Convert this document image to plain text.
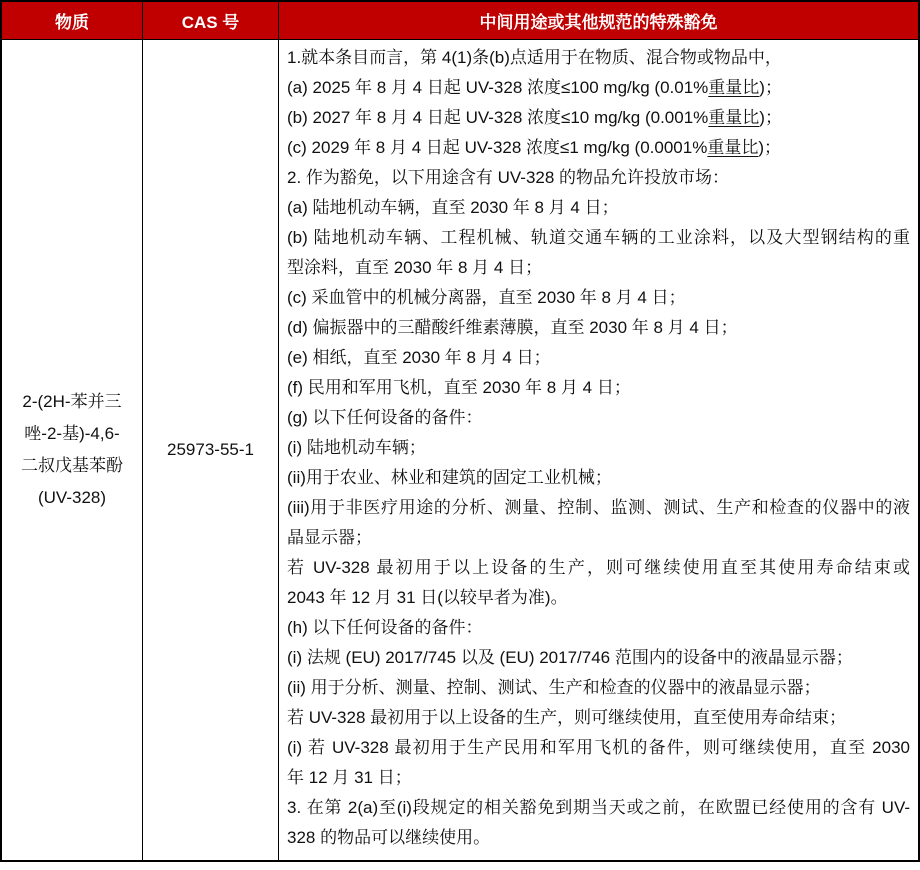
物质	CAS 号	中间用途或其他规范的特殊豁免
2-(2H-苯并三
唑-2-基)-4,6-
二叔戊基苯酚
(UV-328)
25973-55-1
1.就本条目而言，第 4(1)条(b)点适用于在物质、混合物或物品中，
(a) 2025 年 8 月 4 日起 UV-328 浓度≤100 mg/kg (0.01%重量比)；
(b) 2027 年 8 月 4 日起 UV-328 浓度≤10 mg/kg (0.001%重量比)；
(c) 2029 年 8 月 4 日起 UV-328 浓度≤1 mg/kg (0.0001%重量比)；
2. 作为豁免，以下用途含有 UV-328 的物品允许投放市场：
(a) 陆地机动车辆，直至 2030 年 8 月 4 日；
(b) 陆地机动车辆、工程机械、轨道交通车辆的工业涂料，以及大型钢结构的重
型涂料，直至 2030 年 8 月 4 日；
(c) 采血管中的机械分离器，直至 2030 年 8 月 4 日；
(d) 偏振器中的三醋酸纤维素薄膜，直至 2030 年 8 月 4 日；
(e) 相纸，直至 2030 年 8 月 4 日；
(f) 民用和军用飞机，直至 2030 年 8 月 4 日；
(g) 以下任何设备的备件：
(i) 陆地机动车辆；
(ii)用于农业、林业和建筑的固定工业机械；
(iii)用于非医疗用途的分析、测量、控制、监测、测试、生产和检查的仪器中的液
晶显示器；
若 UV-328 最初用于以上设备的生产，则可继续使用直至其使用寿命结束或
2043 年 12 月 31 日(以较早者为准)。
(h) 以下任何设备的备件：
(i) 法规 (EU) 2017/745 以及 (EU) 2017/746 范围内的设备中的液晶显示器；
(ii) 用于分析、测量、控制、测试、生产和检查的仪器中的液晶显示器；
若 UV-328 最初用于以上设备的生产，则可继续使用，直至使用寿命结束；
(i) 若 UV-328 最初用于生产民用和军用飞机的备件，则可继续使用，直至 2030
年 12 月 31 日；
3. 在第 2(a)至(i)段规定的相关豁免到期当天或之前，在欧盟已经使用的含有 UV-
328 的物品可以继续使用。
